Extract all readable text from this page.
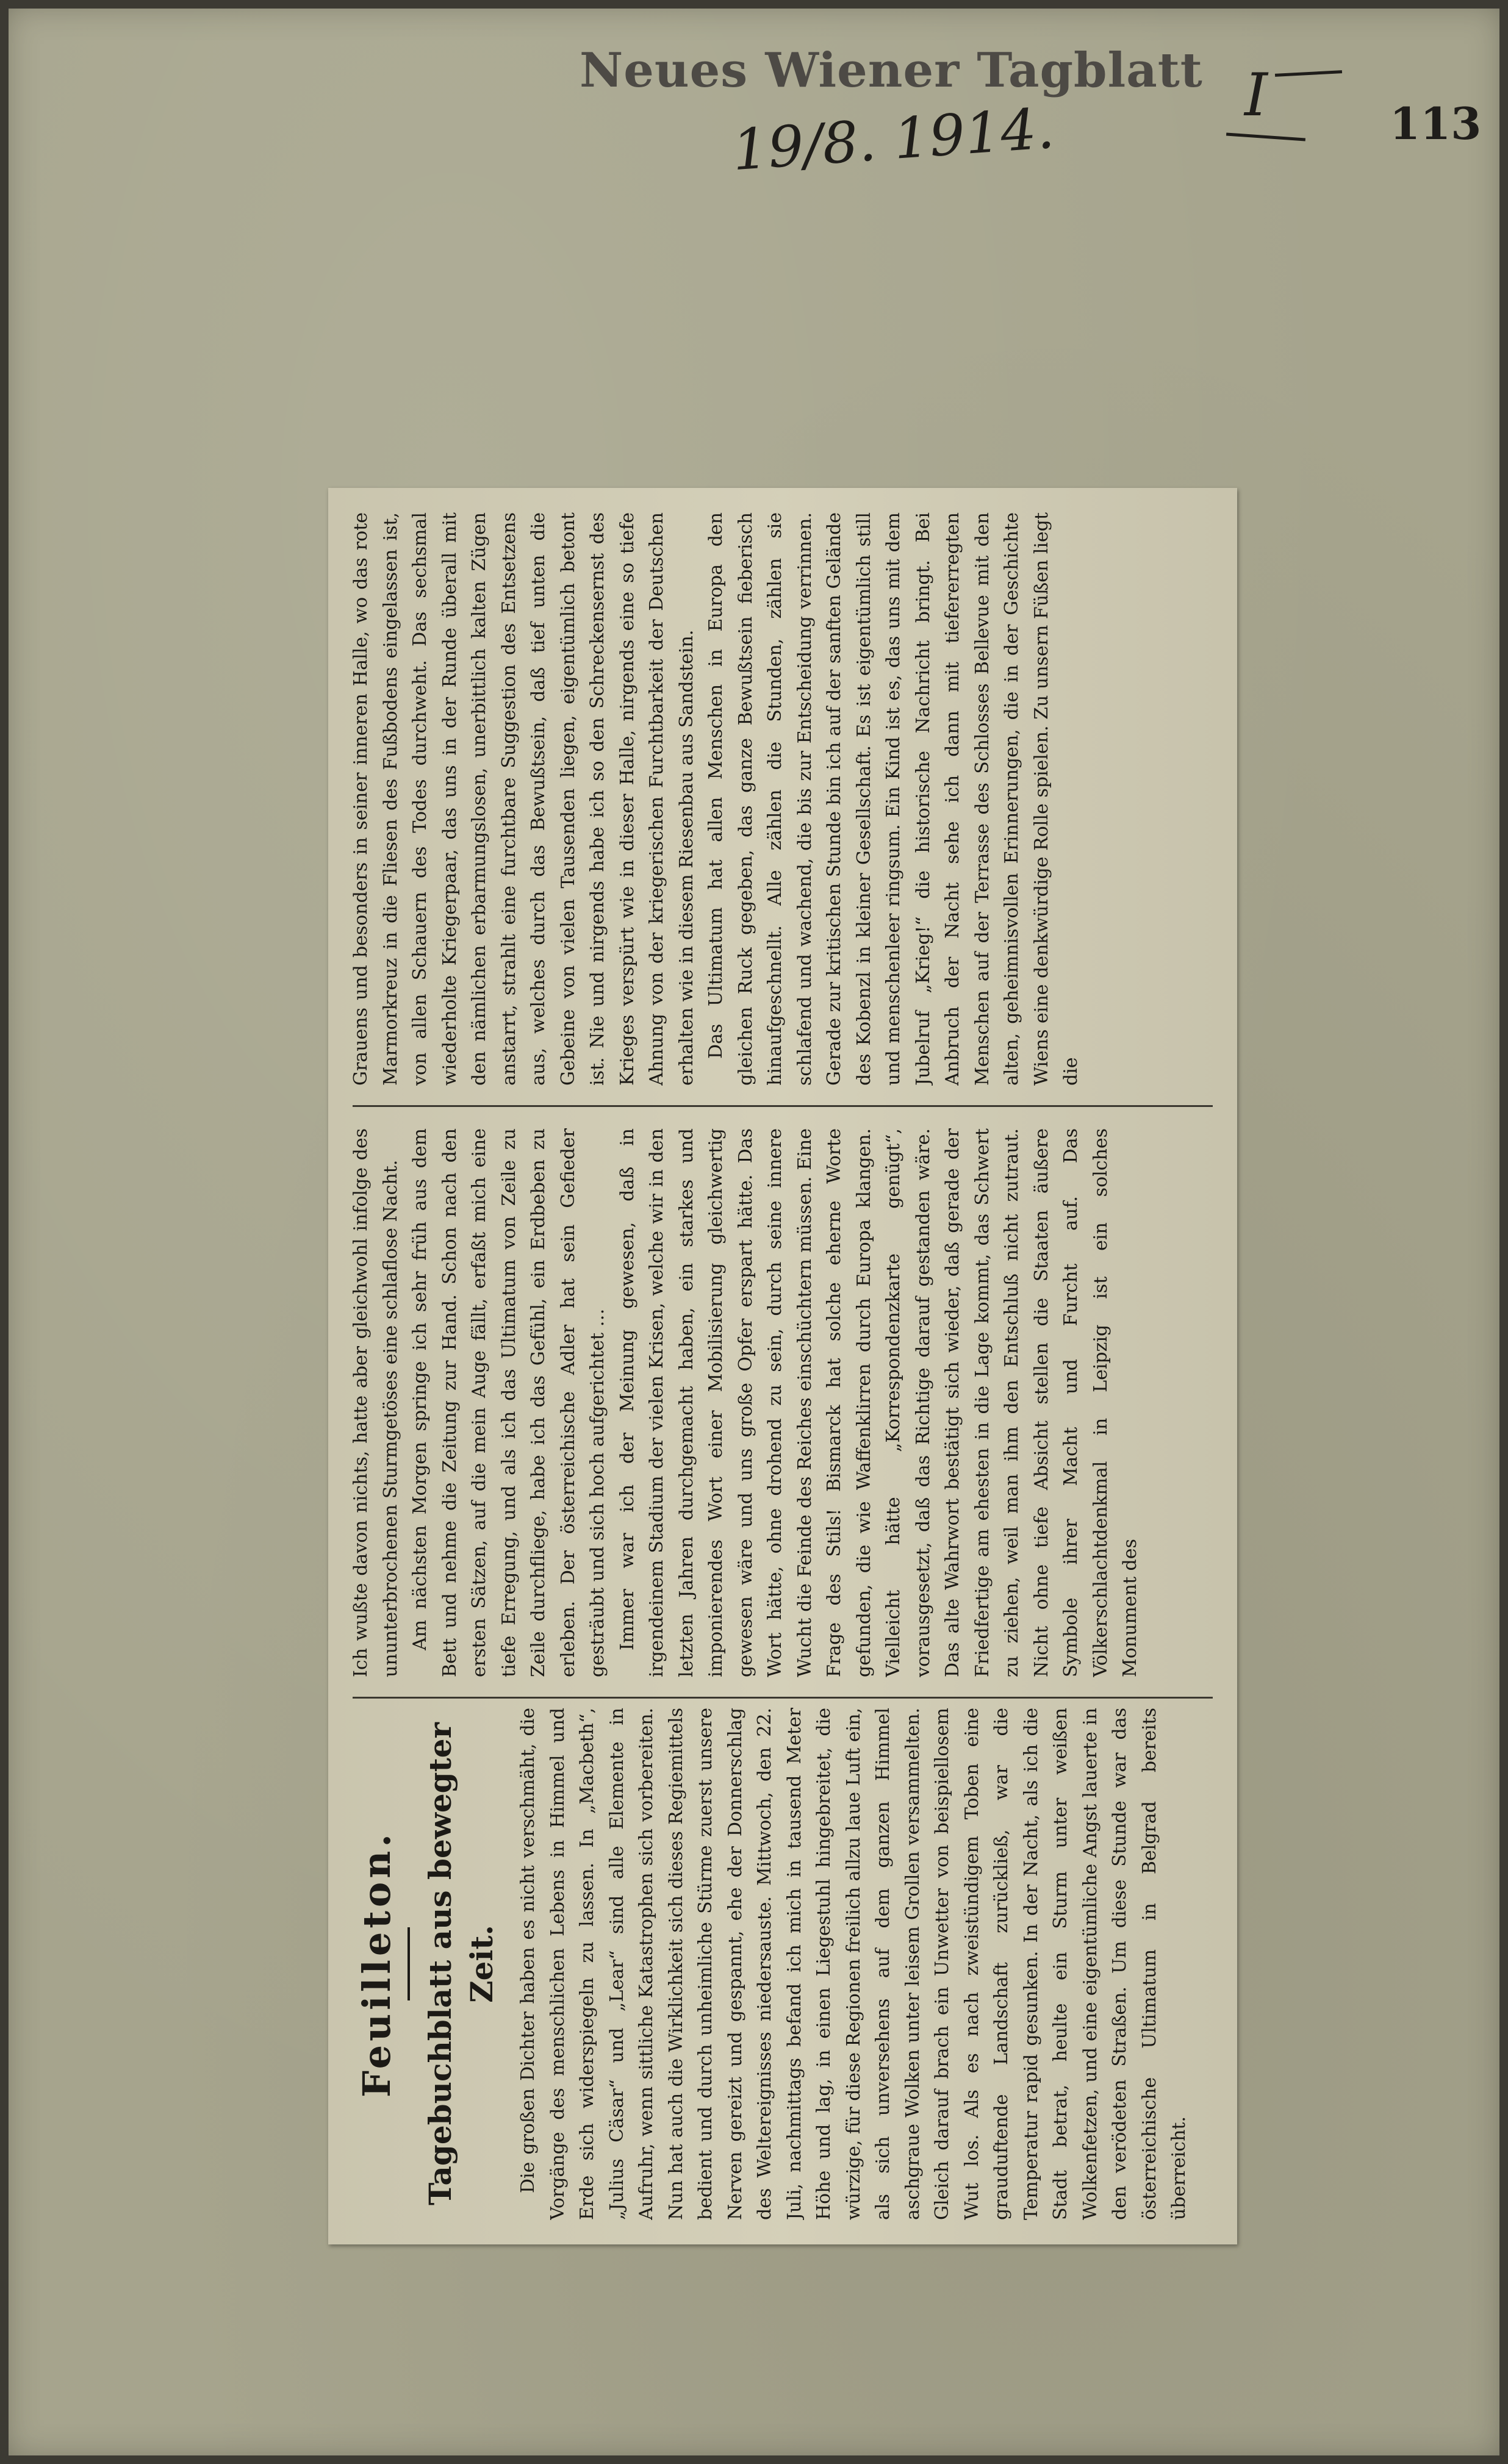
Neues Wiener Tagblatt
19/8. 1914.
I	113
Feuilleton. Tagebuchblatt aus bewegter Zeit. Die großen Dichter haben es nicht verschmäht, die Vorgänge des menschlichen Lebens in Himmel und Erde sich widerspiegeln zu lassen. In „Macbeth“, „Julius Cäsar“ und „Lear“ sind alle Elemente in Aufruhr, wenn sittliche Katastrophen sich vorbereiten. Nun hat auch die Wirklichkeit sich dieses Regiemittels bedient und durch unheimliche Stürme zuerst unsere Nerven gereizt und gespannt, ehe der Donnerschlag des Weltereignisses niedersauste. Mittwoch, den 22. Juli, nachmittags befand ich mich in tausend Meter Höhe und lag, in einen Liegestuhl hingebreitet, die würzige, für diese Regionen freilich allzu laue Luft ein, als sich unversehens auf dem ganzen Himmel aschgraue Wolken unter leisem Grollen versammelten. Gleich darauf brach ein Unwetter von beispiellosem Wut los. Als es nach zweistündigem Toben eine grauduftende Landschaft zurückließ, war die Temperatur rapid gesunken. In der Nacht, als ich die Stadt betrat, heulte ein Sturm unter weißen Wolkenfetzen, und eine eigentümliche Angst lauerte in den verödeten Straßen. Um diese Stunde war das österreichische Ultimatum in Belgrad bereits überreicht.

Ich wußte davon nichts, hatte aber gleichwohl infolge des ununterbrochenen Sturmgetöses eine schlaflose Nacht. Am nächsten Morgen springe ich sehr früh aus dem Bett und nehme die Zeitung zur Hand. Schon nach den ersten Sätzen, auf die mein Auge fällt, erfaßt mich eine tiefe Erregung, und als ich das Ultimatum von Zeile zu Zeile durchfliege, habe ich das Gefühl, ein Erdbeben zu erleben. Der österreichische Adler hat sein Gefieder gesträubt und sich hoch aufgerichtet … Immer war ich der Meinung gewesen, daß in irgendeinem Stadium der vielen Krisen, welche wir in den letzten Jahren durchgemacht haben, ein starkes und imponierendes Wort einer Mobilisierung gleichwertig gewesen wäre und uns große Opfer erspart hätte. Das Wort hätte, ohne drohend zu sein, durch seine innere Wucht die Feinde des Reiches einschüchtern müssen. Eine Frage des Stils! Bismarck hat solche eherne Worte gefunden, die wie Waffenklirren durch Europa klangen. Vielleicht hätte „Korrespondenzkarte genügt“, vorausgesetzt, daß das Richtige darauf gestanden wäre. Das alte Wahrwort bestätigt sich wieder, daß gerade der Friedfertige am ehesten in die Lage kommt, das Schwert zu ziehen, weil man ihm den Entschluß nicht zutraut. Nicht ohne tiefe Absicht stellen die Staaten äußere Symbole ihrer Macht und Furcht auf. Das Völkerschlachtdenkmal in Leipzig ist ein solches Monument des

Grauens und besonders in seiner inneren Halle, wo das rote Marmorkreuz in die Fliesen des Fußbodens eingelassen ist, von allen Schauern des Todes durchweht. Das sechsmal wiederholte Kriegerpaar, das uns in der Runde überall mit den nämlichen erbarmungslosen, unerbittlich kalten Zügen anstarrt, strahlt eine furchtbare Suggestion des Entsetzens aus, welches durch das Bewußtsein, daß tief unten die Gebeine von vielen Tausenden liegen, eigentümlich betont ist. Nie und nirgends habe ich so den Schreckensernst des Krieges verspürt wie in dieser Halle, nirgends eine so tiefe Ahnung von der kriegerischen Furchtbarkeit der Deutschen erhalten wie in diesem Riesenbau aus Sandstein. Das Ultimatum hat allen Menschen in Europa den gleichen Ruck gegeben, das ganze Bewußtsein fieberisch hinaufgeschnellt. Alle zählen die Stunden, zählen sie schlafend und wachend, die bis zur Entscheidung verrinnen. Gerade zur kritischen Stunde bin ich auf der sanften Gelände des Kobenzl in kleiner Gesellschaft. Es ist eigentümlich still und menschenleer ringsum. Ein Kind ist es, das uns mit dem Jubelruf „Krieg!“ die historische Nachricht bringt. Bei Anbruch der Nacht sehe ich dann mit tiefererregten Menschen auf der Terrasse des Schlosses Bellevue mit den alten, geheimnisvollen Erinnerungen, die in der Geschichte Wiens eine denkwürdige Rolle spielen. Zu unsern Füßen liegt die
